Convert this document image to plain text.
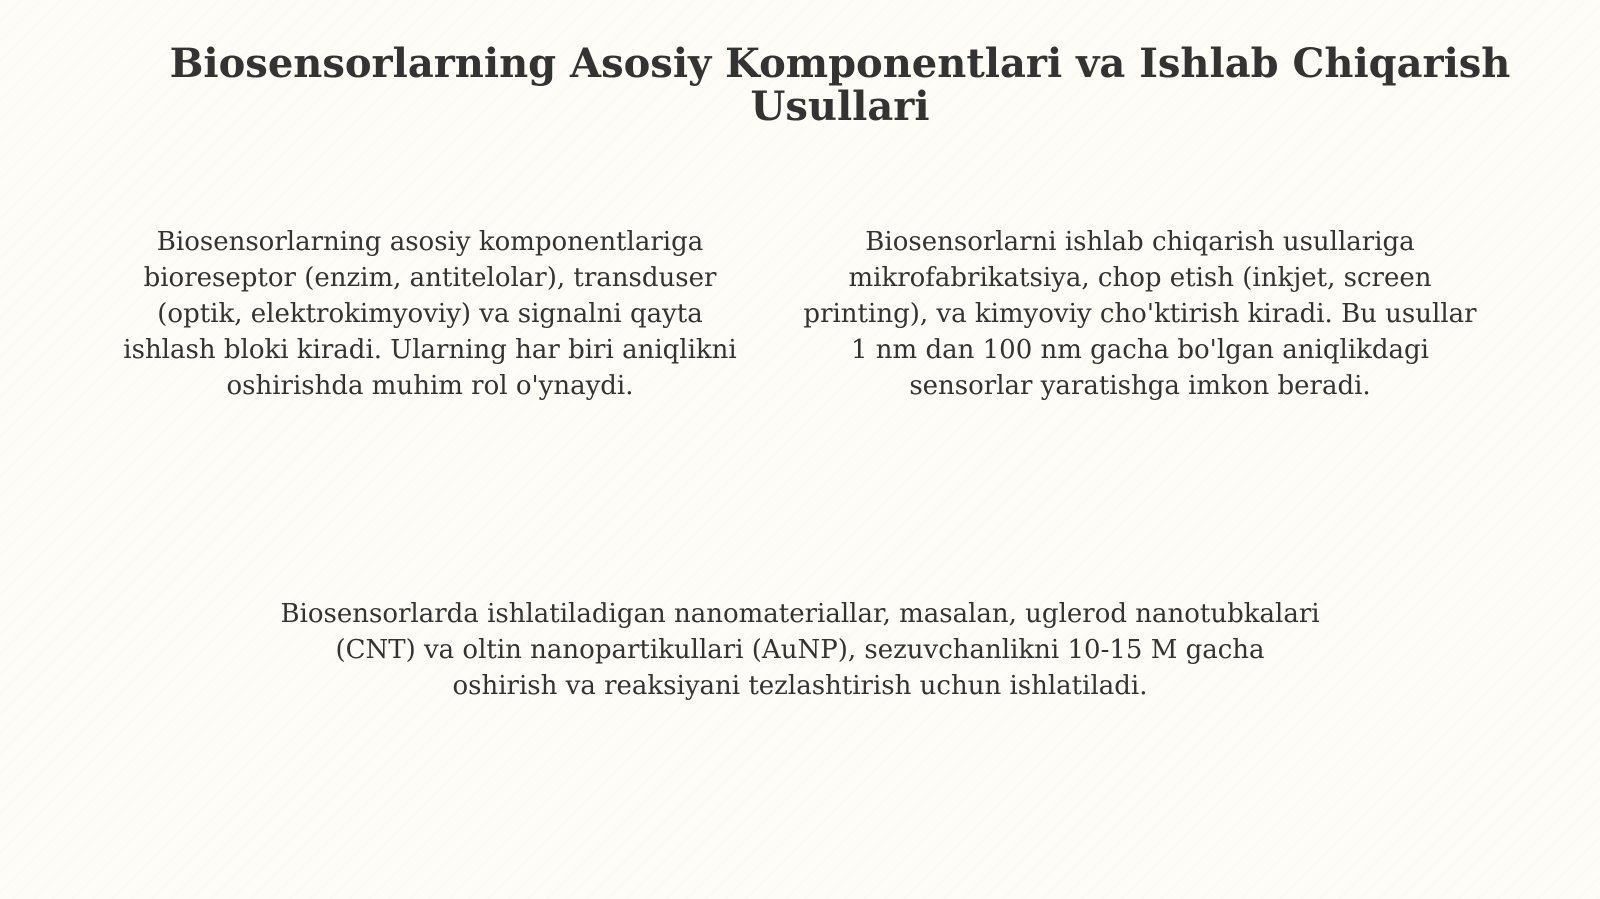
Biosensorlarning Asosiy Komponentlari va Ishlab Chiqarish Usullari

Biosensorlarning asosiy komponentlariga bioreseptor (enzim, antitelolar), transduser (optik, elektrokimyoviy) va signalni qayta ishlash bloki kiradi. Ularning har biri aniqlikni oshirishda muhim rol o'ynaydi.

Biosensorlarni ishlab chiqarish usullariga mikrofabrikatsiya, chop etish (inkjet, screen printing), va kimyoviy cho'ktirish kiradi. Bu usullar 1 nm dan 100 nm gacha bo'lgan aniqlikdagi sensorlar yaratishga imkon beradi.

Biosensorlarda ishlatiladigan nanomateriallar, masalan, uglerod nanotubkalari (CNT) va oltin nanopartikullari (AuNP), sezuvchanlikni 10-15 M gacha oshirish va reaksiyani tezlashtirish uchun ishlatiladi.
